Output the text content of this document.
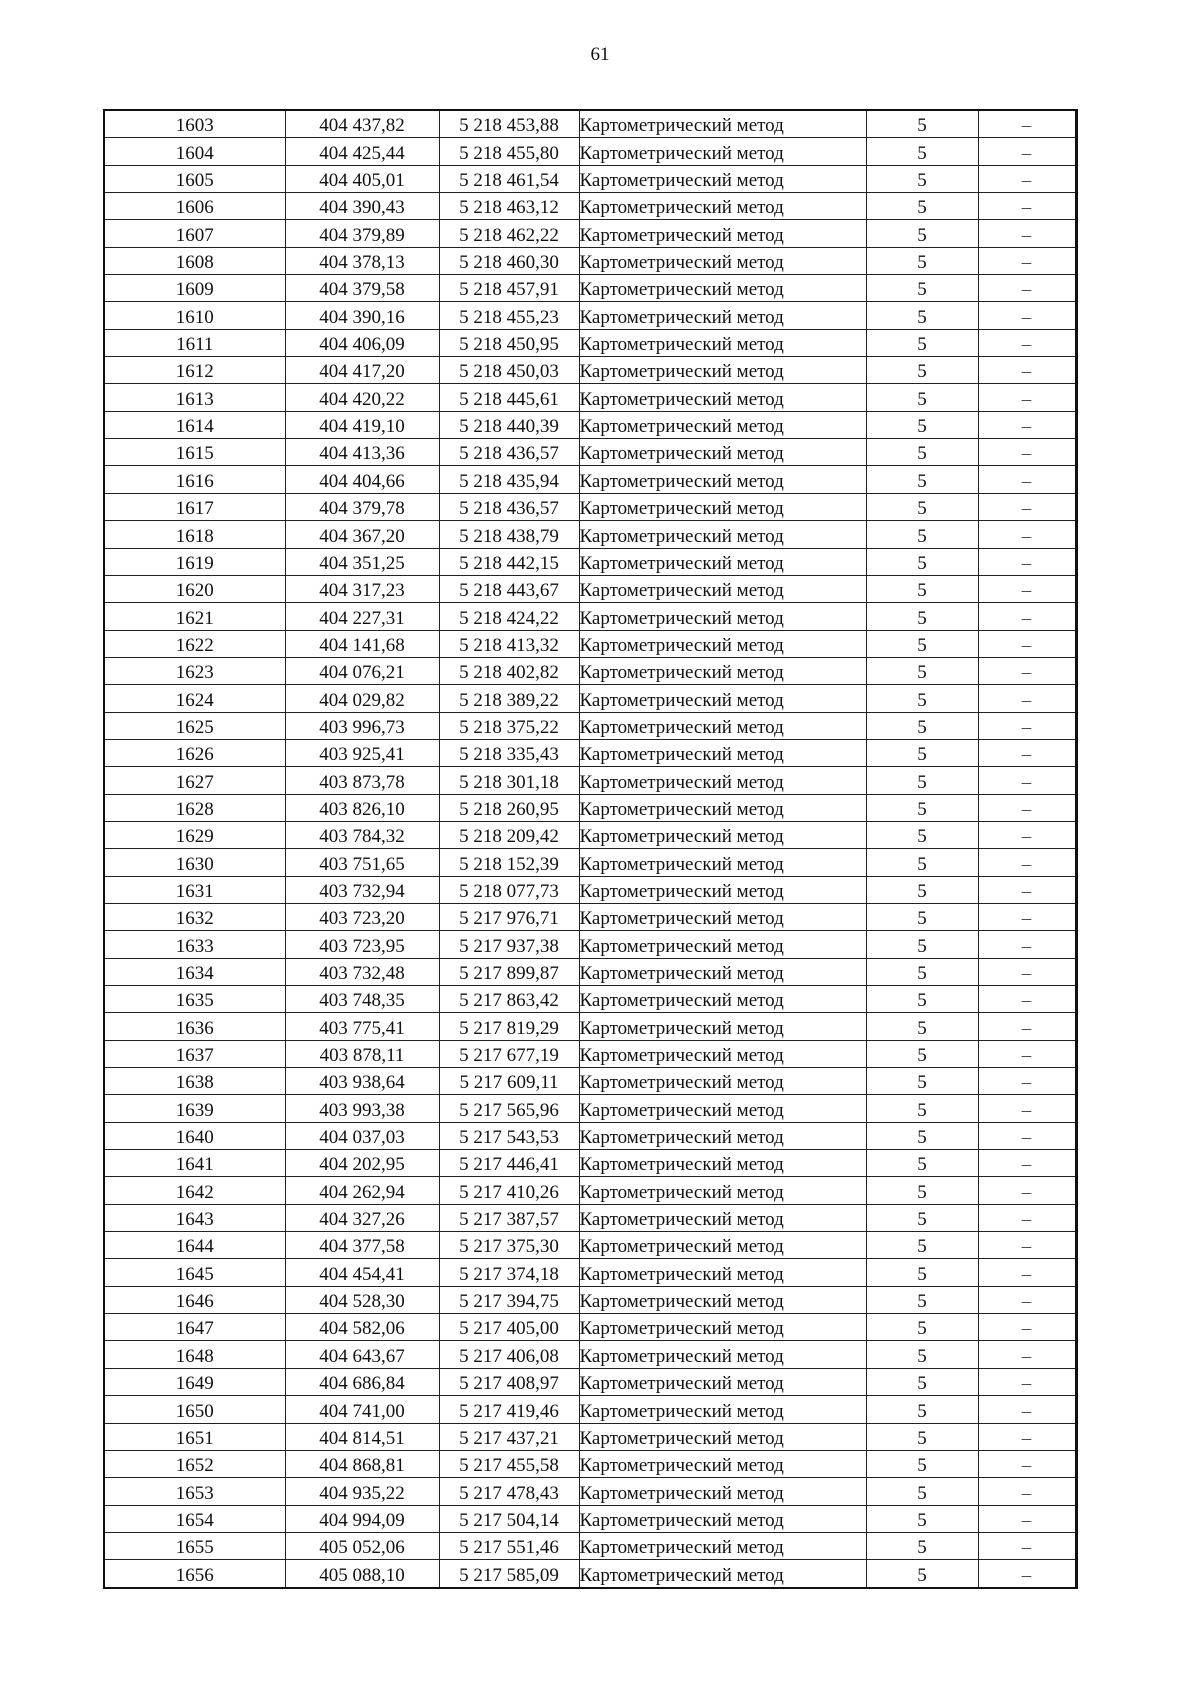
61
1603	404 437,82	5 218 453,88	Картометрический метод	5	–
1604	404 425,44	5 218 455,80	Картометрический метод	5	–
1605	404 405,01	5 218 461,54	Картометрический метод	5	–
1606	404 390,43	5 218 463,12	Картометрический метод	5	–
1607	404 379,89	5 218 462,22	Картометрический метод	5	–
1608	404 378,13	5 218 460,30	Картометрический метод	5	–
1609	404 379,58	5 218 457,91	Картометрический метод	5	–
1610	404 390,16	5 218 455,23	Картометрический метод	5	–
1611	404 406,09	5 218 450,95	Картометрический метод	5	–
1612	404 417,20	5 218 450,03	Картометрический метод	5	–
1613	404 420,22	5 218 445,61	Картометрический метод	5	–
1614	404 419,10	5 218 440,39	Картометрический метод	5	–
1615	404 413,36	5 218 436,57	Картометрический метод	5	–
1616	404 404,66	5 218 435,94	Картометрический метод	5	–
1617	404 379,78	5 218 436,57	Картометрический метод	5	–
1618	404 367,20	5 218 438,79	Картометрический метод	5	–
1619	404 351,25	5 218 442,15	Картометрический метод	5	–
1620	404 317,23	5 218 443,67	Картометрический метод	5	–
1621	404 227,31	5 218 424,22	Картометрический метод	5	–
1622	404 141,68	5 218 413,32	Картометрический метод	5	–
1623	404 076,21	5 218 402,82	Картометрический метод	5	–
1624	404 029,82	5 218 389,22	Картометрический метод	5	–
1625	403 996,73	5 218 375,22	Картометрический метод	5	–
1626	403 925,41	5 218 335,43	Картометрический метод	5	–
1627	403 873,78	5 218 301,18	Картометрический метод	5	–
1628	403 826,10	5 218 260,95	Картометрический метод	5	–
1629	403 784,32	5 218 209,42	Картометрический метод	5	–
1630	403 751,65	5 218 152,39	Картометрический метод	5	–
1631	403 732,94	5 218 077,73	Картометрический метод	5	–
1632	403 723,20	5 217 976,71	Картометрический метод	5	–
1633	403 723,95	5 217 937,38	Картометрический метод	5	–
1634	403 732,48	5 217 899,87	Картометрический метод	5	–
1635	403 748,35	5 217 863,42	Картометрический метод	5	–
1636	403 775,41	5 217 819,29	Картометрический метод	5	–
1637	403 878,11	5 217 677,19	Картометрический метод	5	–
1638	403 938,64	5 217 609,11	Картометрический метод	5	–
1639	403 993,38	5 217 565,96	Картометрический метод	5	–
1640	404 037,03	5 217 543,53	Картометрический метод	5	–
1641	404 202,95	5 217 446,41	Картометрический метод	5	–
1642	404 262,94	5 217 410,26	Картометрический метод	5	–
1643	404 327,26	5 217 387,57	Картометрический метод	5	–
1644	404 377,58	5 217 375,30	Картометрический метод	5	–
1645	404 454,41	5 217 374,18	Картометрический метод	5	–
1646	404 528,30	5 217 394,75	Картометрический метод	5	–
1647	404 582,06	5 217 405,00	Картометрический метод	5	–
1648	404 643,67	5 217 406,08	Картометрический метод	5	–
1649	404 686,84	5 217 408,97	Картометрический метод	5	–
1650	404 741,00	5 217 419,46	Картометрический метод	5	–
1651	404 814,51	5 217 437,21	Картометрический метод	5	–
1652	404 868,81	5 217 455,58	Картометрический метод	5	–
1653	404 935,22	5 217 478,43	Картометрический метод	5	–
1654	404 994,09	5 217 504,14	Картометрический метод	5	–
1655	405 052,06	5 217 551,46	Картометрический метод	5	–
1656	405 088,10	5 217 585,09	Картометрический метод	5	–
